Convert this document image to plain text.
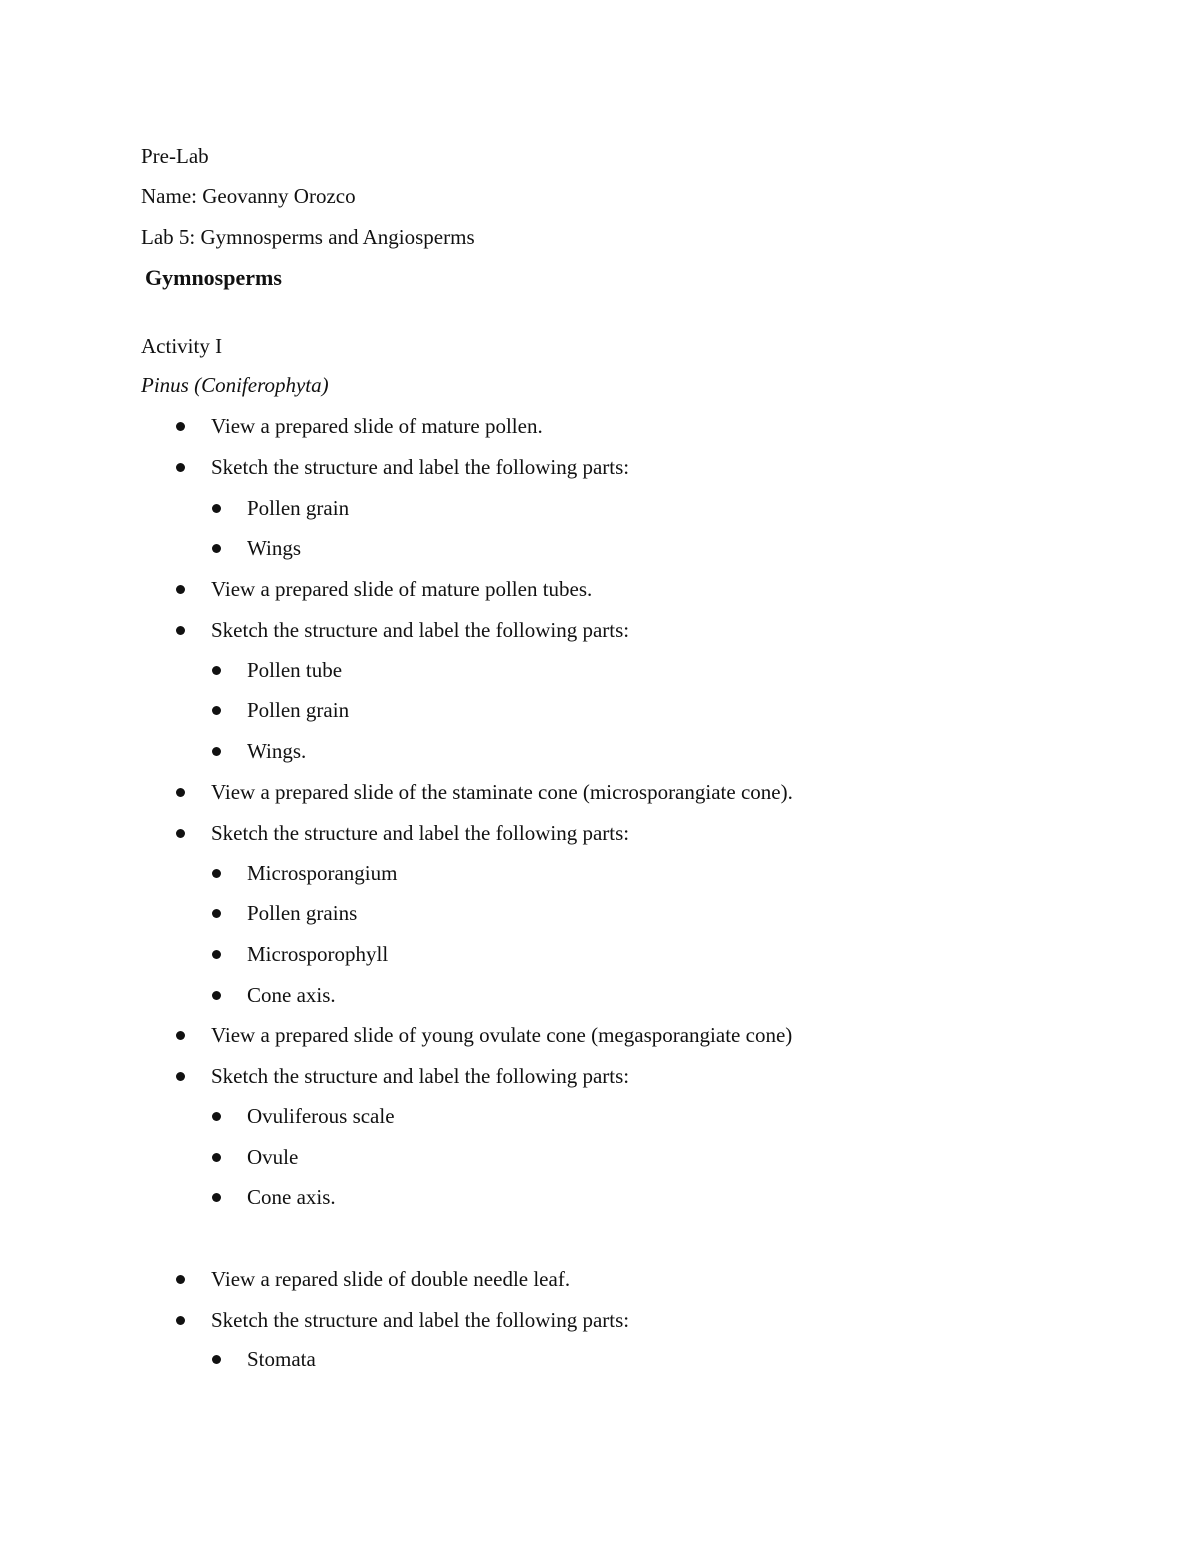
Pre-Lab
Name: Geovanny Orozco
Lab 5: Gymnosperms and Angiosperms
Gymnosperms
Activity I
Pinus (Coniferophyta)
View a prepared slide of mature pollen.
Sketch the structure and label the following parts:
Pollen grain
Wings
View a prepared slide of mature pollen tubes.
Sketch the structure and label the following parts:
Pollen tube
Pollen grain
Wings.
View a prepared slide of the staminate cone (microsporangiate cone).
Sketch the structure and label the following parts:
Microsporangium
Pollen grains
Microsporophyll
Cone axis.
View a prepared slide of young ovulate cone (megasporangiate cone)
Sketch the structure and label the following parts:
Ovuliferous scale
Ovule
Cone axis.
View a repared slide of double needle leaf.
Sketch the structure and label the following parts:
Stomata
